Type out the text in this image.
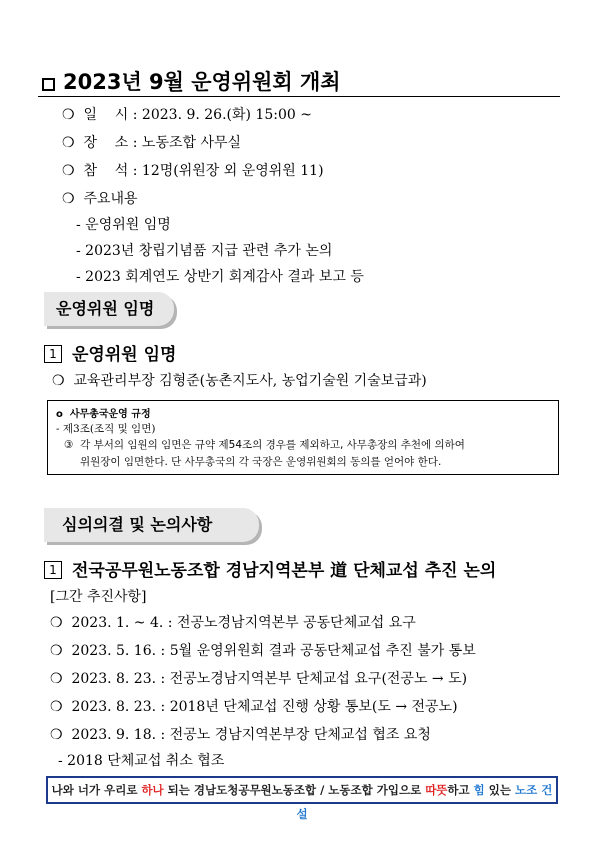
2023년 9월 운영위원회 개최
❍ 일    시 : 2023. 9. 26.(화) 15:00 ~
❍ 장    소 : 노동조합 사무실
❍ 참    석 : 12명(위원장 외 운영위원 11)
❍ 주요내용
- 운영위원 임명
- 2023년 창립기념품 지급 관련 추가 논의
- 2023 회계연도 상반기 회계감사 결과 보고 등
운영위원 임명
1 운영위원 임명
❍ 교육관리부장 김형준(농촌지도사, 농업기술원 기술보급과)
o 사무총국운영 규정
- 제3조(조직 및 임면)
③ 각 부서의 임원의 임면은 규약 제54조의 경우를 제외하고, 사무총장의 추천에 의하여
위원장이 임면한다. 단 사무총국의 각 국장은 운영위원회의 동의를 얻어야 한다.
심의의결 및 논의사항
1 전국공무원노동조합 경남지역본부 道 단체교섭 추진 논의
[그간 추진사항]
❍ 2023. 1. ~ 4. : 전공노경남지역본부 공동단체교섭 요구
❍ 2023. 5. 16. : 5월 운영위원회 결과 공동단체교섭 추진 불가 통보
❍ 2023. 8. 23. : 전공노경남지역본부 단체교섭 요구(전공노 → 도)
❍ 2023. 8. 23. : 2018년 단체교섭 진행 상황 통보(도 → 전공노)
❍ 2023. 9. 18. : 전공노 경남지역본부장 단체교섭 협조 요청
- 2018 단체교섭 취소 협조
나와 너가 우리로 하나 되는 경남도청공무원노동조합 / 노동조합 가입으로 따뜻하고 힘 있는 노조 건설
